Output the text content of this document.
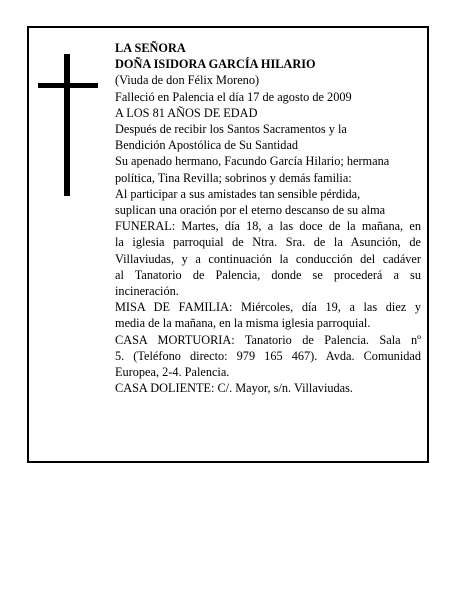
LA SEÑORA
DOÑA ISIDORA GARCÍA HILARIO
(Viuda de don Félix Moreno)
Falleció en Palencia el día 17 de agosto de 2009
A LOS 81 AÑOS DE EDAD
Después de recibir los Santos Sacramentos y la
Bendición Apostólica de Su Santidad
Su apenado hermano, Facundo García Hilario; hermana
política, Tina Revilla; sobrinos y demás familia:
Al participar a sus amistades tan sensible pérdida,
suplican una oración por el eterno descanso de su alma
FUNERAL: Martes, día 18, a las doce de la mañana, en
la iglesia parroquial de Ntra. Sra. de la Asunción, de
Villaviudas, y a continuación la conducción del cadáver
al Tanatorio de Palencia, donde se procederá a su
incineración.
MISA DE FAMILIA: Miércoles, día 19, a las diez y
media de la mañana, en la misma iglesia parroquial.
CASA MORTUORIA: Tanatorio de Palencia. Sala nº
5. (Teléfono directo: 979 165 467). Avda. Comunidad
Europea, 2-4. Palencia.
CASA DOLIENTE: C/. Mayor, s/n. Villaviudas.
